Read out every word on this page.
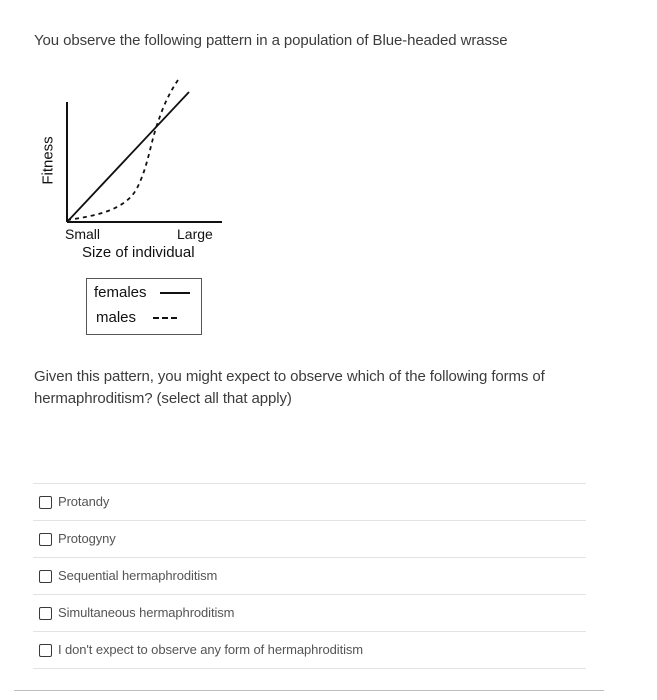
You observe the following pattern in a population of Blue-headed wrasse
Fitness
Small	Large
Size of individual
females
males
Given this pattern, you might expect to observe which of the following forms of hermaphroditism? (select all that apply)
Protandy
Protogyny
Sequential hermaphroditism
Simultaneous hermaphroditism
I don't expect to observe any form of hermaphroditism
